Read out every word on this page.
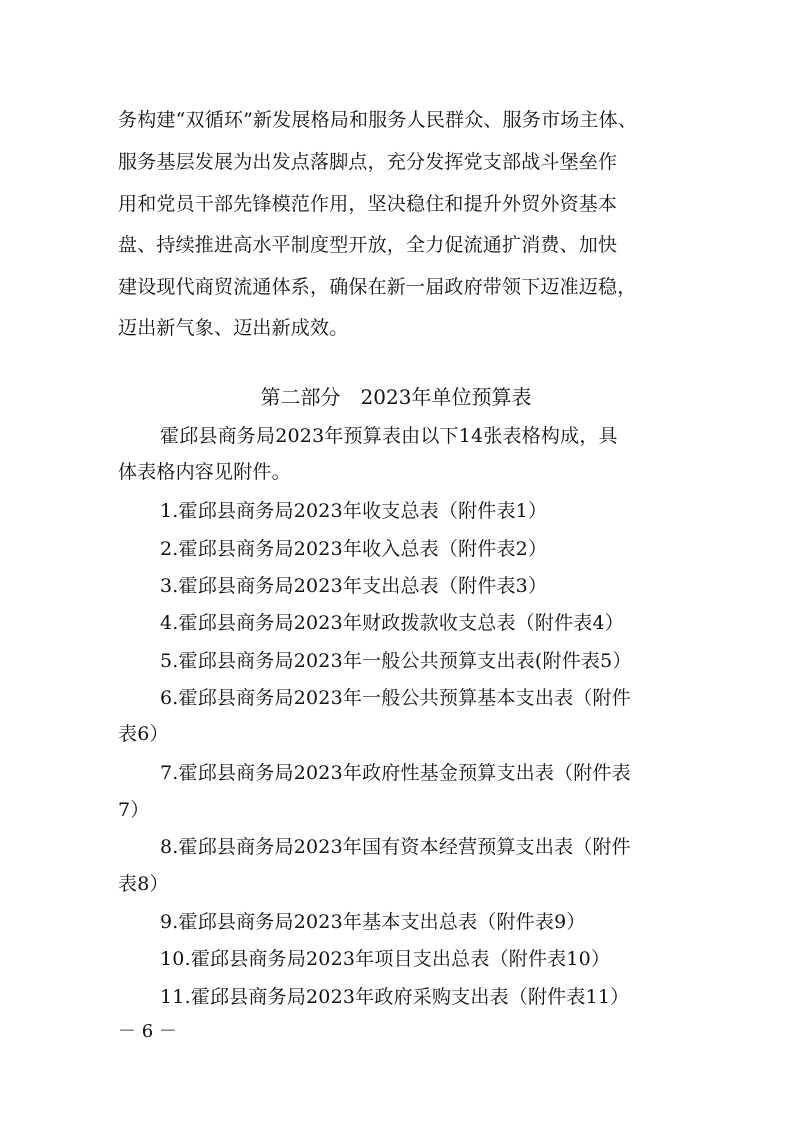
务构建“双循环”新发展格局和服务人民群众、服务市场主体、
服务基层发展为出发点落脚点，充分发挥党支部战斗堡垒作
用和党员干部先锋模范作用，坚决稳住和提升外贸外资基本
盘、持续推进高水平制度型开放，全力促流通扩消费、加快
建设现代商贸流通体系，确保在新一届政府带领下迈准迈稳，
迈出新气象、迈出新成效。
第二部分　2023年单位预算表
霍邱县商务局2023年预算表由以下14张表格构成，具
体表格内容见附件。
1.霍邱县商务局2023年收支总表（附件表1）
2.霍邱县商务局2023年收入总表（附件表2）
3.霍邱县商务局2023年支出总表（附件表3）
4.霍邱县商务局2023年财政拨款收支总表（附件表4）
5.霍邱县商务局2023年一般公共预算支出表(附件表5）
6.霍邱县商务局2023年一般公共预算基本支出表（附件
表6）
7.霍邱县商务局2023年政府性基金预算支出表（附件表
7）
8.霍邱县商务局2023年国有资本经营预算支出表（附件
表8）
9.霍邱县商务局2023年基本支出总表（附件表9）
10.霍邱县商务局2023年项目支出总表（附件表10）
11.霍邱县商务局2023年政府采购支出表（附件表11）
－ 6 －
